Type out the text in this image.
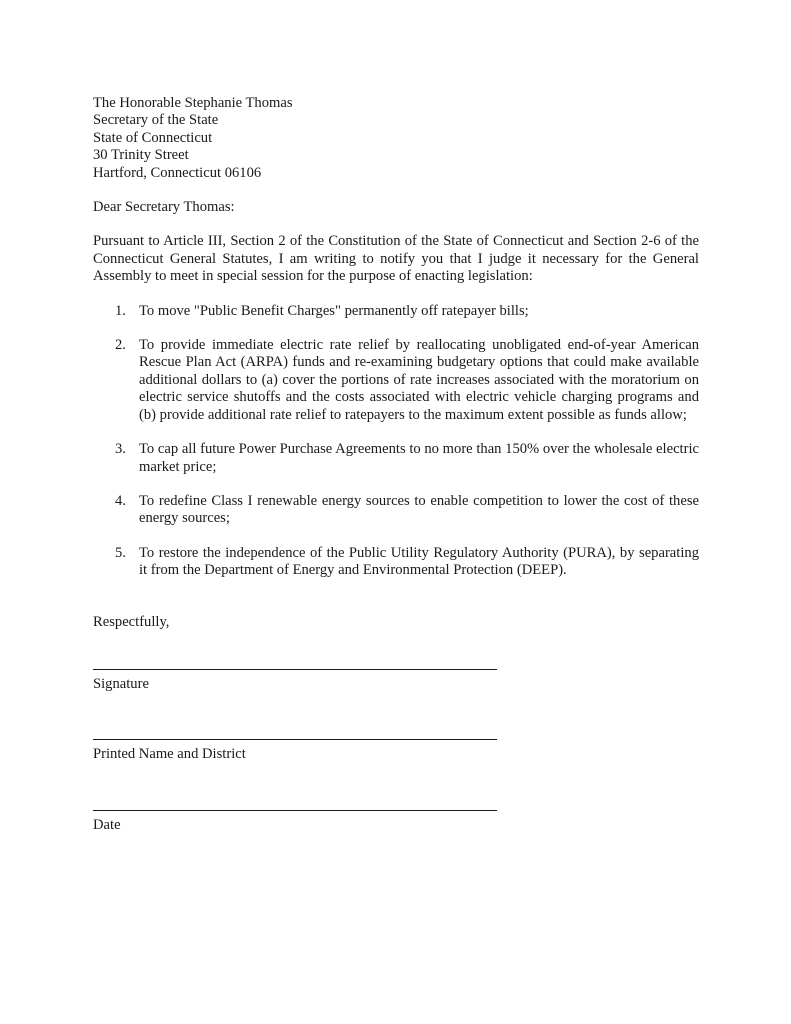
The Honorable Stephanie Thomas
Secretary of the State
State of Connecticut
30 Trinity Street
Hartford, Connecticut 06106
Dear Secretary Thomas:
Pursuant to Article III, Section 2 of the Constitution of the State of Connecticut and Section 2-6 of the Connecticut General Statutes, I am writing to notify you that I judge it necessary for the General Assembly to meet in special session for the purpose of enacting legislation:
1. To move "Public Benefit Charges" permanently off ratepayer bills;
2. To provide immediate electric rate relief by reallocating unobligated end-of-year American Rescue Plan Act (ARPA) funds and re-examining budgetary options that could make available additional dollars to (a) cover the portions of rate increases associated with the moratorium on electric service shutoffs and the costs associated with electric vehicle charging programs and (b) provide additional rate relief to ratepayers to the maximum extent possible as funds allow;
3. To cap all future Power Purchase Agreements to no more than 150% over the wholesale electric market price;
4. To redefine Class I renewable energy sources to enable competition to lower the cost of these energy sources;
5. To restore the independence of the Public Utility Regulatory Authority (PURA), by separating it from the Department of Energy and Environmental Protection (DEEP).
Respectfully,
Signature
Printed Name and District
Date
